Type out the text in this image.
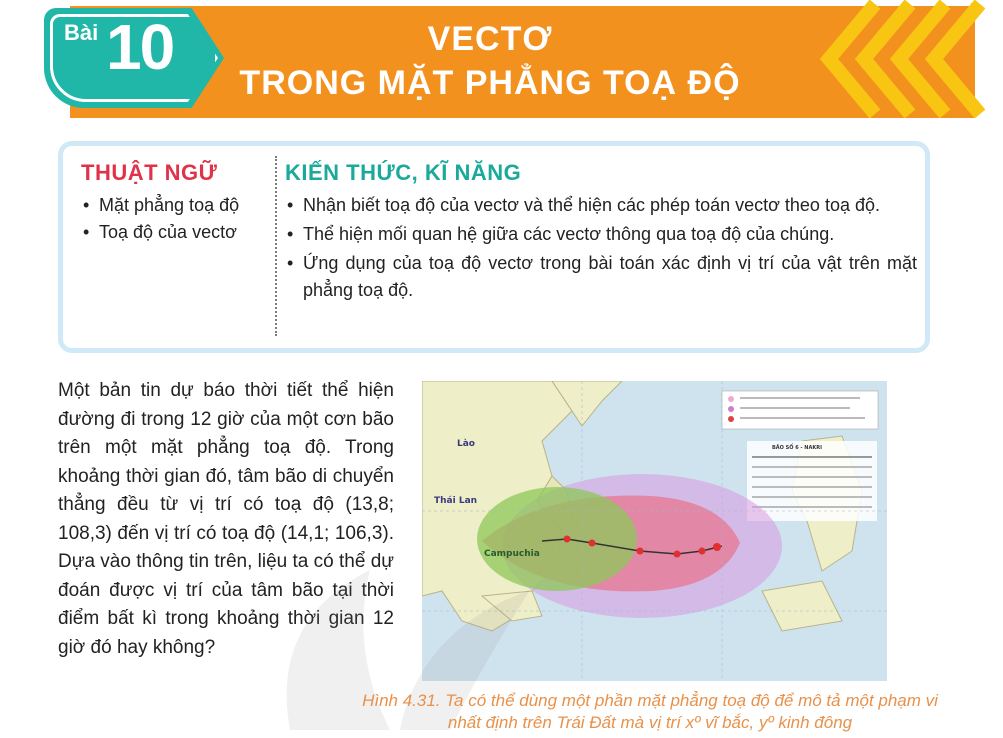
Bài 10	VECTƠ
TRONG MẶT PHẲNG TOẠ ĐỘ
THUẬT NGỮ
• Mặt phẳng toạ độ
• Toạ độ của vectơ
KIẾN THỨC, KĨ NĂNG
• Nhận biết toạ độ của vectơ và thể hiện các phép toán vectơ theo toạ độ.
• Thể hiện mối quan hệ giữa các vectơ thông qua toạ độ của chúng.
• Ứng dụng của toạ độ vectơ trong bài toán xác định vị trí của vật trên mặt phẳng toạ độ.
Một bản tin dự báo thời tiết thể hiện đường đi trong 12 giờ của một cơn bão trên một mặt phẳng toạ độ. Trong khoảng thời gian đó, tâm bão di chuyển thẳng đều từ vị trí có toạ độ (13,8; 108,3) đến vị trí có toạ độ (14,1; 106,3). Dựa vào thông tin trên, liệu ta có thể dự đoán được vị trí của tâm bão tại thời điểm bất kì trong khoảng thời gian 12 giờ đó hay không?
Lào
Thái Lan
Campuchia
BÃO SỐ 6 - NAKRI
Hình 4.31. Ta có thể dùng một phần mặt phẳng toạ độ để mô tả một phạm vi nhất định trên Trái Đất mà vị trí xº vĩ bắc, yº kinh đông
